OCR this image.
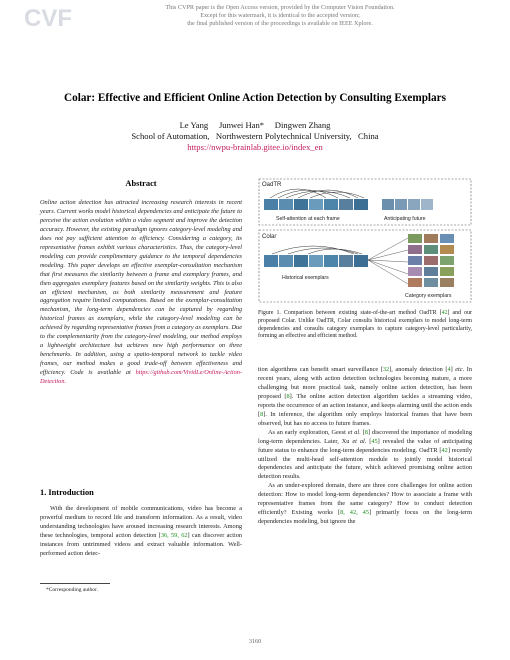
CVF	This CVPR paper is the Open Access version, provided by the Computer Vision Foundation.
Except for this watermark, it is identical to the accepted version;
the final published version of the proceedings is available on IEEE Xplore.
Colar: Effective and Efficient Online Action Detection by Consulting Exemplars
Le Yang     Junwei Han*     Dingwen Zhang
School of Automation,   Northwestern Polytechnical University,   China
https://nwpu-brainlab.gitee.io/index_en
Abstract
Online action detection has attracted increasing research interests in recent years. Current works model historical dependencies and anticipate the future to perceive the action evolution within a video segment and improve the detection accuracy. However, the existing paradigm ignores category-level modeling and does not pay sufficient attention to efficiency. Considering a category, its representative frames exhibit various characteristics. Thus, the category-level modeling can provide complimentary guidance to the temporal dependencies modeling. This paper develops an effective exemplar-consultation mechanism that first measures the similarity between a frame and exemplary frames, and then aggregates exemplary features based on the similarity weights. This is also an efficient mechanism, as both similarity measurement and feature aggregation require limited computations. Based on the exemplar-consultation mechanism, the long-term dependencies can be captured by regarding historical frames as exemplars, while the category-level modeling can be achieved by regarding representative frames from a category as exemplars. Due to the complementarity from the category-level modeling, our method employs a lightweight architecture but achieves new high performance on three benchmarks. In addition, using a spatio-temporal network to tackle video frames, our method makes a good trade-off between effectiveness and efficiency. Code is available at https://github.com/VividLe/Online-Action-Detection.
1. Introduction
With the development of mobile communications, video has become a powerful medium to record life and transform information. As a result, video understanding technologies have aroused increasing research interests. Among these technologies, temporal action detection [36, 59, 62] can discover action instances from untrimmed videos and extract valuable information. Well-performed action detec-
*Corresponding author.
OadTR
Self-attention at each frame	Anticipating future
Colar
Historical exemplars
Category exemplars
Figure 1. Comparison between existing state-of-the-art method OadTR [42] and our proposed Colar. Unlike OadTR, Colar consults historical exemplars to model long-term dependencies and consults category exemplars to capture category-level particularity, forming an effective and efficient method.
tion algorithms can benefit smart surveillance [32], anomaly detection [4] etc. In recent years, along with action detection technologies becoming mature, a more challenging but more practical task, namely online action detection, has been proposed [8]. The online action detection algorithm tackles a streaming video, reports the occurrence of an action instance, and keeps alarming until the action ends [8]. In inference, the algorithm only employs historical frames that have been observed, but has no access to future frames.
As an early exploration, Geest et al. [8] discovered the importance of modeling long-term dependencies. Later, Xu et al. [45] revealed the value of anticipating future status to enhance the long-term dependencies modeling. OadTR [42] recently utilized the multi-head self-attention module to jointly model historical dependencies and anticipate the future, which achieved promising online action detection results.
As an under-explored domain, there are three core challenges for online action detection: How to model long-term dependencies? How to associate a frame with representative frames from the same category? How to conduct detection efficiently? Existing works [8, 42, 45] primarily focus on the long-term dependencies modeling, but ignore the
3160
